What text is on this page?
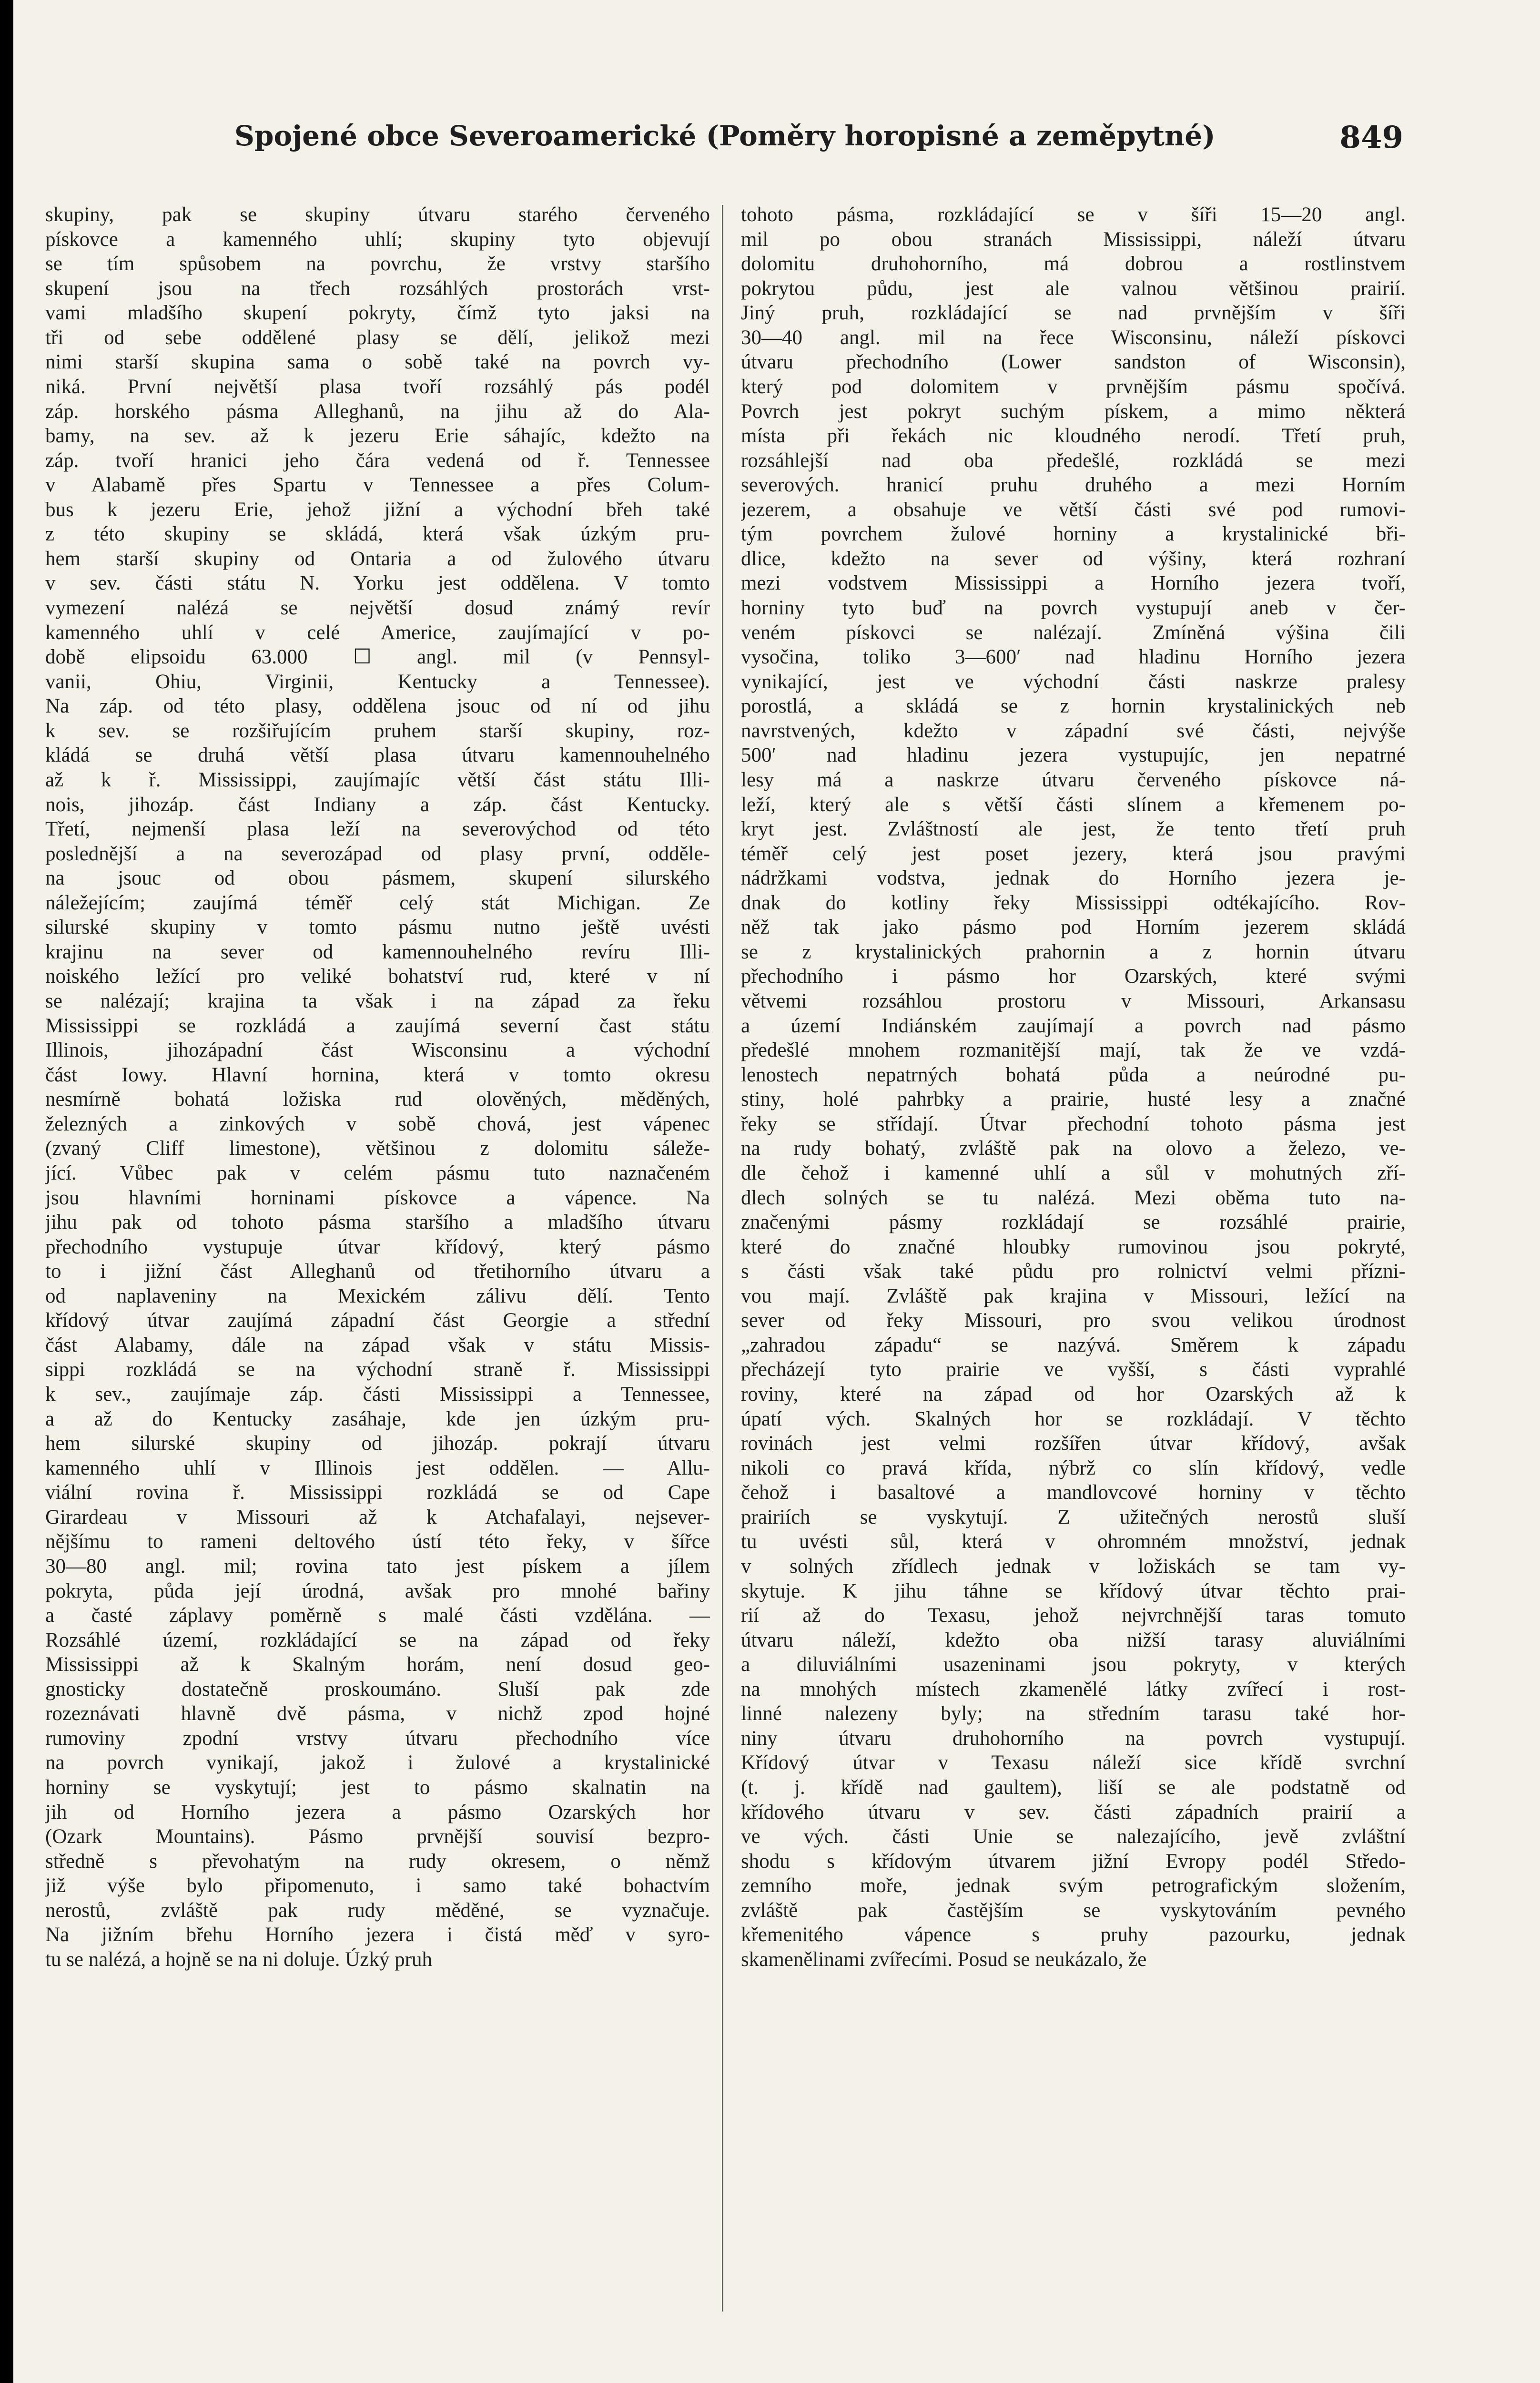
Spojené obce Severoamerické (Poměry horopisné a zeměpytné)	849
skupiny, pak se skupiny útvaru starého červeného
pískovce a kamenného uhlí; skupiny tyto objevují
se tím spůsobem na povrchu, že vrstvy staršího
skupení jsou na třech rozsáhlých prostorách vrst-
vami mladšího skupení pokryty, čímž tyto jaksi na
tři od sebe oddělené plasy se dělí, jelikož mezi
nimi starší skupina sama o sobě také na povrch vy-
niká. První největší plasa tvoří rozsáhlý pás podél
záp. horského pásma Alleghanů, na jihu až do Ala-
bamy, na sev. až k jezeru Erie sáhajíc, kdežto na
záp. tvoří hranici jeho čára vedená od ř. Tennessee
v Alabamě přes Spartu v Tennessee a přes Colum-
bus k jezeru Erie, jehož jižní a východní břeh také
z této skupiny se skládá, která však úzkým pru-
hem starší skupiny od Ontaria a od žulového útvaru
v sev. části státu N. Yorku jest oddělena. V tomto
vymezení nalézá se největší dosud známý revír
kamenného uhlí v celé Americe, zaujímající v po-
době elipsoidu 63.000 ☐ angl. mil (v Pennsyl-
vanii, Ohiu, Virginii, Kentucky a Tennessee).
Na záp. od této plasy, oddělena jsouc od ní od jihu
k sev. se rozšiřujícím pruhem starší skupiny, roz-
kládá se druhá větší plasa útvaru kamennouhelného
až k ř. Mississippi, zaujímajíc větší část státu Illi-
nois, jihozáp. část Indiany a záp. část Kentucky.
Třetí, nejmenší plasa leží na severovýchod od této
poslednější a na severozápad od plasy první, odděle-
na jsouc od obou pásmem, skupení silurského
náležejícím; zaujímá téměř celý stát Michigan. Ze
silurské skupiny v tomto pásmu nutno ještě uvésti
krajinu na sever od kamennouhelného revíru Illi-
noiského ležící pro veliké bohatství rud, které v ní
se nalézají; krajina ta však i na západ za řeku
Mississippi se rozkládá a zaujímá severní čast státu
Illinois, jihozápadní část Wisconsinu a východní
část Iowy. Hlavní hornina, která v tomto okresu
nesmírně bohatá ložiska rud olověných, měděných,
železných a zinkových v sobě chová, jest vápenec
(zvaný Cliff limestone), většinou z dolomitu sáleže-
jící. Vůbec pak v celém pásmu tuto naznačeném
jsou hlavními horninami pískovce a vápence. Na
jihu pak od tohoto pásma staršího a mladšího útvaru
přechodního vystupuje útvar křídový, který pásmo
to i jižní část Alleghanů od třetihorního útvaru a
od naplaveniny na Mexickém zálivu dělí. Tento
křídový útvar zaujímá západní část Georgie a střední
část Alabamy, dále na západ však v státu Missis-
sippi rozkládá se na východní straně ř. Mississippi
k sev., zaujímaje záp. části Mississippi a Tennessee,
a až do Kentucky zasáhaje, kde jen úzkým pru-
hem silurské skupiny od jihozáp. pokrají útvaru
kamenného uhlí v Illinois jest oddělen. — Allu-
viální rovina ř. Mississippi rozkládá se od Cape
Girardeau v Missouri až k Atchafalayi, nejsever-
nějšímu to rameni deltového ústí této řeky, v šířce
30—80 angl. mil; rovina tato jest pískem a jílem
pokryta, půda její úrodná, avšak pro mnohé bařiny
a časté záplavy poměrně s malé části vzdělána. —
Rozsáhlé území, rozkládající se na západ od řeky
Mississippi až k Skalným horám, není dosud geo-
gnosticky dostatečně proskoumáno. Sluší pak zde
rozeznávati hlavně dvě pásma, v nichž zpod hojné
rumoviny zpodní vrstvy útvaru přechodního více
na povrch vynikají, jakož i žulové a krystalinické
horniny se vyskytují; jest to pásmo skalnatin na
jih od Horního jezera a pásmo Ozarských hor
(Ozark Mountains). Pásmo prvnější souvisí bezpro-
středně s převohatým na rudy okresem, o němž
již výše bylo připomenuto, i samo také bohactvím
nerostů, zvláště pak rudy měděné, se vyznačuje.
Na jižním břehu Horního jezera i čistá měď v syro-
tu se nalézá, a hojně se na ni doluje. Úzký pruh
tohoto pásma, rozkládající se v šíři 15—20 angl.
mil po obou stranách Mississippi, náleží útvaru
dolomitu druhohorního, má dobrou a rostlinstvem
pokrytou půdu, jest ale valnou většinou prairií.
Jiný pruh, rozkládající se nad prvnějším v šíři
30—40 angl. mil na řece Wisconsinu, náleží pískovci
útvaru přechodního (Lower sandston of Wisconsin),
který pod dolomitem v prvnějším pásmu spočívá.
Povrch jest pokryt suchým pískem, a mimo některá
místa při řekách nic kloudného nerodí. Třetí pruh,
rozsáhlejší nad oba předešlé, rozkládá se mezi
severových. hranicí pruhu druhého a mezi Horním
jezerem, a obsahuje ve větší části své pod rumovi-
tým povrchem žulové horniny a krystalinické bři-
dlice, kdežto na sever od výšiny, která rozhraní
mezi vodstvem Mississippi a Horního jezera tvoří,
horniny tyto buď na povrch vystupují aneb v čer-
veném pískovci se nalézají. Zmíněná výšina čili
vysočina, toliko 3—600′ nad hladinu Horního jezera
vynikající, jest ve východní části naskrze pralesy
porostlá, a skládá se z hornin krystalinických neb
navrstvených, kdežto v západní své části, nejvýše
500′ nad hladinu jezera vystupujíc, jen nepatrné
lesy má a naskrze útvaru červeného pískovce ná-
leží, který ale s větší části slínem a křemenem po-
kryt jest. Zvláštností ale jest, že tento třetí pruh
téměř celý jest poset jezery, která jsou pravými
nádržkami vodstva, jednak do Horního jezera je-
dnak do kotliny řeky Mississippi odtékajícího. Rov-
něž tak jako pásmo pod Horním jezerem skládá
se z krystalinických prahornin a z hornin útvaru
přechodního i pásmo hor Ozarských, které svými
větvemi rozsáhlou prostoru v Missouri, Arkansasu
a území Indiánském zaujímají a povrch nad pásmo
předešlé mnohem rozmanitější mají, tak že ve vzdá-
lenostech nepatrných bohatá půda a neúrodné pu-
stiny, holé pahrbky a prairie, husté lesy a značné
řeky se střídají. Útvar přechodní tohoto pásma jest
na rudy bohatý, zvláště pak na olovo a železo, ve-
dle čehož i kamenné uhlí a sůl v mohutných zří-
dlech solných se tu nalézá. Mezi oběma tuto na-
značenými pásmy rozkládají se rozsáhlé prairie,
které do značné hloubky rumovinou jsou pokryté,
s části však také půdu pro rolnictví velmi přízni-
vou mají. Zvláště pak krajina v Missouri, ležící na
sever od řeky Missouri, pro svou velikou úrodnost
„zahradou západu“ se nazývá. Směrem k západu
přecházejí tyto prairie ve vyšší, s části vyprahlé
roviny, které na západ od hor Ozarských až k
úpatí vých. Skalných hor se rozkládají. V těchto
rovinách jest velmi rozšířen útvar křídový, avšak
nikoli co pravá křída, nýbrž co slín křídový, vedle
čehož i basaltové a mandlovcové horniny v těchto
prairiích se vyskytují. Z užitečných nerostů sluší
tu uvésti sůl, která v ohromném množství, jednak
v solných zřídlech jednak v ložiskách se tam vy-
skytuje. K jihu táhne se křídový útvar těchto prai-
rií až do Texasu, jehož nejvrchnější taras tomuto
útvaru náleží, kdežto oba nižší tarasy aluviálními
a diluviálními usazeninami jsou pokryty, v kterých
na mnohých místech zkamenělé látky zvířecí i rost-
linné nalezeny byly; na středním tarasu také hor-
niny útvaru druhohorního na povrch vystupují.
Křídový útvar v Texasu náleží sice křídě svrchní
(t. j. křídě nad gaultem), liší se ale podstatně od
křídového útvaru v sev. části západních prairií a
ve vých. části Unie se nalezajícího, jevě zvláštní
shodu s křídovým útvarem jižní Evropy podél Středo-
zemního moře, jednak svým petrografickým složením,
zvláště pak častějším se vyskytováním pevného
křemenitého vápence s pruhy pazourku, jednak
skamenělinami zvířecími. Posud se neukázalo, že
